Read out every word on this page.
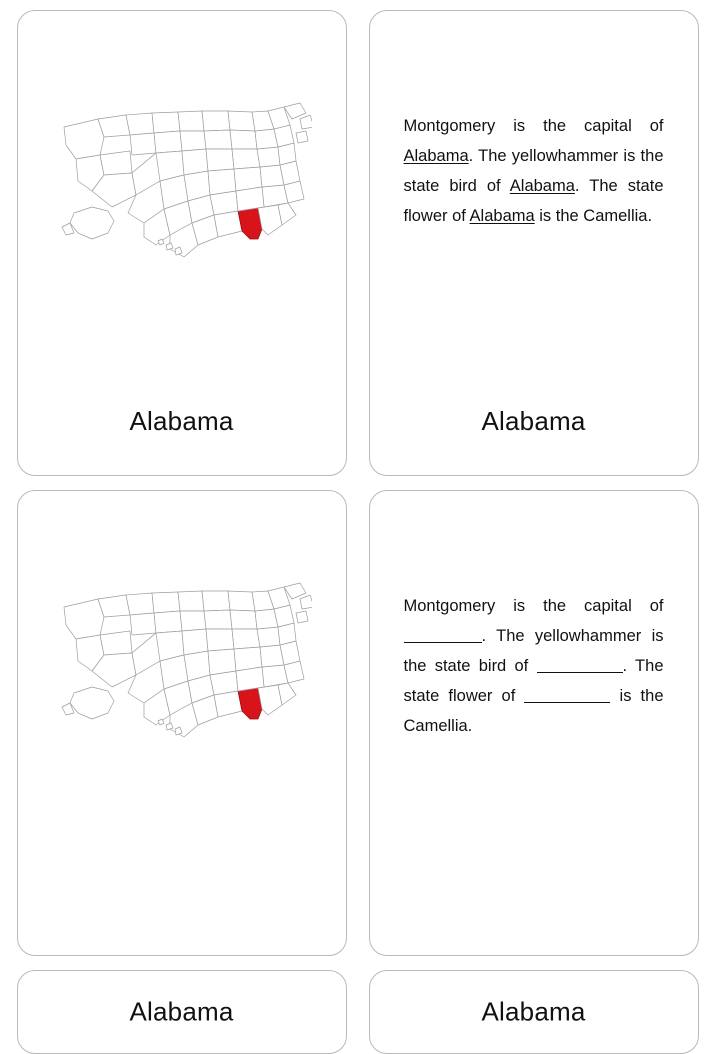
Alabama
Montgomery is the capital of Alabama. The yellowhammer is the state bird of Alabama. The state flower of Alabama is the Camellia.
Alabama
Montgomery is the capital of . The yellowhammer is the state bird of	. The state flower of	is the Camellia.
Alabama	Alabama
